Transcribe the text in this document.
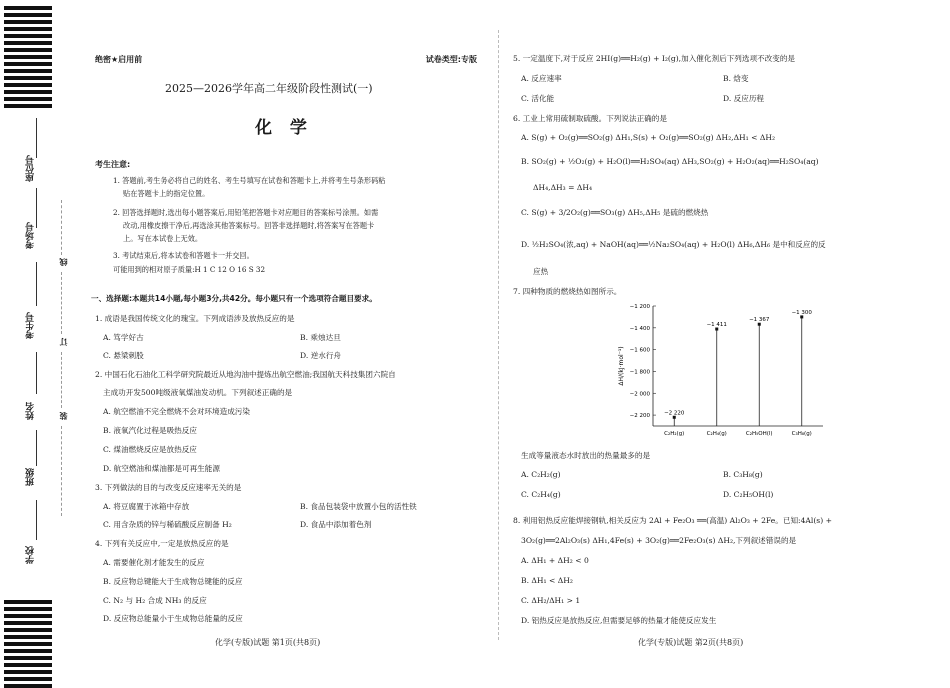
座位号
考场号
考生号
姓名
班级
学校
线
订
装
绝密★启用前	试卷类型:专版
2025—2026学年高二年级阶段性测试(一)
化 学
考生注意:
1. 答题前,考生务必将自己的姓名、考生号填写在试卷和答题卡上,并将考生号条形码粘
贴在答题卡上的指定位置。
2. 回答选择题时,选出每小题答案后,用铅笔把答题卡对应题目的答案标号涂黑。如需
改动,用橡皮擦干净后,再选涂其他答案标号。回答非选择题时,将答案写在答题卡
上。写在本试卷上无效。
3. 考试结束后,将本试卷和答题卡一并交回。
可能用到的相对原子质量:H 1 C 12 O 16 S 32
一、选择题:本题共14小题,每小题3分,共42分。每小题只有一个选项符合题目要求。
1. 成语是我国传统文化的瑰宝。下列成语涉及放热反应的是
A. 笃学好古	B. 乘烛达旦
C. 悬梁刺股	D. 逆水行舟
2. 中国石化石油化工科学研究院最近从地沟油中提炼出航空燃油;我国航天科技集团六院自
主成功开发500吨级液氧煤油发动机。下列叙述正确的是
A. 航空燃油不完全燃烧不会对环境造成污染
B. 液氧汽化过程是吸热反应
C. 煤油燃烧反应是放热反应
D. 航空燃油和煤油都是可再生能源
3. 下列做法的目的与改变反应速率无关的是
A. 将豆腐置于冰箱中存放	B. 食品包装袋中放置小包的活性铁
C. 用含杂质的锌与稀硫酸反应制备 H₂	D. 食品中添加着色剂
4. 下列有关反应中,一定是放热反应的是
A. 需要催化剂才能发生的反应
B. 反应物总键能大于生成物总键能的反应
C. N₂ 与 H₂ 合成 NH₃ 的反应
D. 反应物总能量小于生成物总能量的反应
化学(专版)试题 第1页(共8页)
5. 一定温度下,对于反应 2HI(g)══H₂(g) + I₂(g),加入催化剂后下列选项不改变的是
A. 反应速率	B. 焓变
C. 活化能	D. 反应历程
6. 工业上常用硫制取硫酸。下列说法正确的是
A. S(g) + O₂(g)══SO₂(g) ΔH₁,S(s) + O₂(g)══SO₂(g) ΔH₂,ΔH₁ < ΔH₂
B. SO₂(g) + ½O₂(g) + H₂O(l)══H₂SO₄(aq) ΔH₃,SO₂(g) + H₂O₂(aq)══H₂SO₄(aq)
ΔH₄,ΔH₃ = ΔH₄
C. S(g) + 3/2O₂(g)══SO₃(g) ΔH₅,ΔH₅ 是硫的燃烧热
D. ½H₂SO₄(浓,aq) + NaOH(aq)══½Na₂SO₄(aq) + H₂O(l) ΔH₆,ΔH₆ 是中和反应的反
应热
7. 四种物质的燃烧热如图所示。
ΔH/(kJ·mol⁻¹)
−1 200
−1 400
−1 600
−1 800
−2 000
−2 200	−2 220
C₂H₂(g)
−1 411
C₂H₄(g)
−1 367
C₂H₅OH(l)
−1 300
C₃H₈(g)
生成等量液态水时放出的热量最多的是
A. C₂H₂(g)	B. C₃H₈(g)
C. C₂H₄(g)	D. C₂H₅OH(l)
8. 利用铝热反应能焊接钢轨,相关反应为 2Al + Fe₂O₃ ══(高温) Al₂O₃ + 2Fe。已知:4Al(s) +
3O₂(g)══2Al₂O₃(s) ΔH₁,4Fe(s) + 3O₂(g)══2Fe₂O₃(s) ΔH₂,下列叙述错误的是
A. ΔH₁ + ΔH₂ < 0
B. ΔH₁ < ΔH₂
C. ΔH₂/ΔH₁ > 1
D. 铝热反应是放热反应,但需要足够的热量才能使反应发生
化学(专版)试题 第2页(共8页)
